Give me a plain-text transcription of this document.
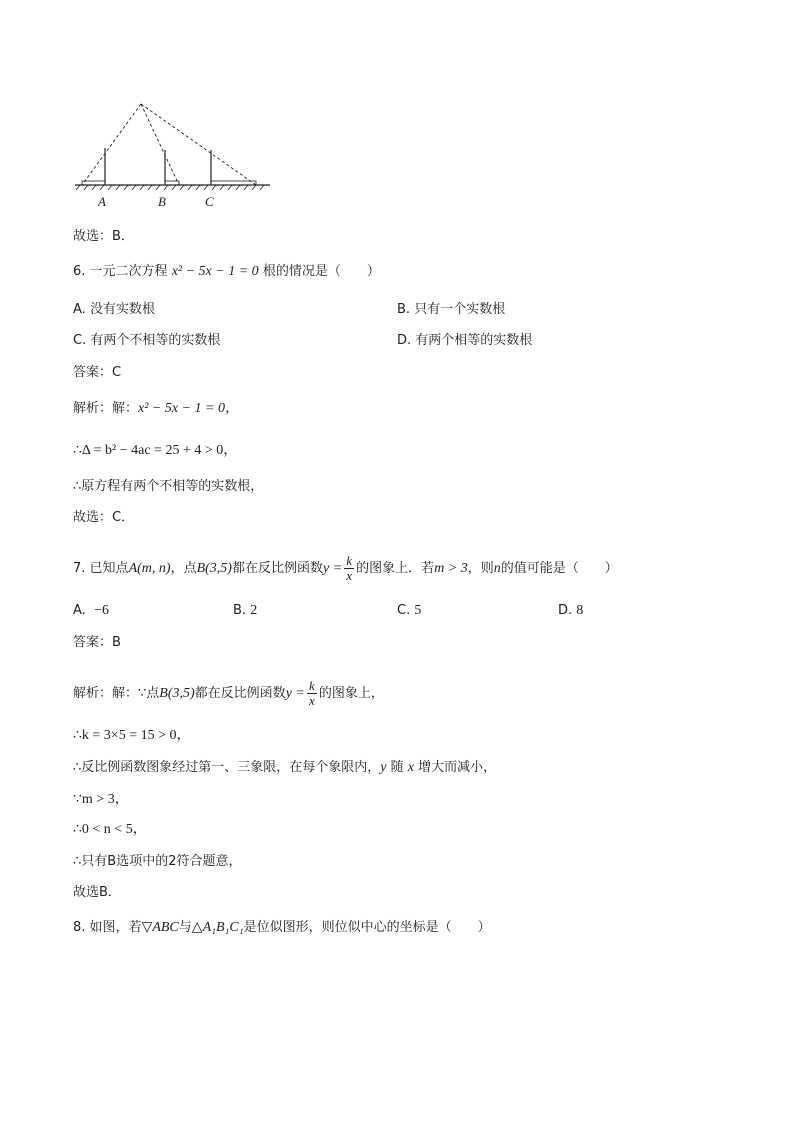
A	B	C
故选：B．
6. 一元二次方程 x² − 5x − 1 = 0 根的情况是（　　）
A. 没有实数根	B. 只有一个实数根
C. 有两个不相等的实数根	D. 有两个相等的实数根
答案：C
解析：解：x² − 5x − 1 = 0，
∴Δ = b² − 4ac = 25 + 4 > 0，
∴原方程有两个不相等的实数根，
故选：C．
7. 已知点A(m, n)，点B(3,5)都在反比例函数$y = \frac{k}{x}$ 的图象上．若m > 3，则n的值可能是（　　）
A. −6	B. 2	C. 5	D. 8
答案：B
解析：解：∵点B(3,5)都在反比例函数$y = \frac{k}{x}$ 的图象上，
∴k = 3×5 = 15 > 0，
∴反比例函数图象经过第一、三象限，在每个象限内，y 随 x 增大而减小，
∵m > 3，
∴0 < n < 5，
∴只有B选项中的2符合题意，
故选B．
8. 如图，若▽ABC与△A₁B₁C₁是位似图形，则位似中心的坐标是（　　）
